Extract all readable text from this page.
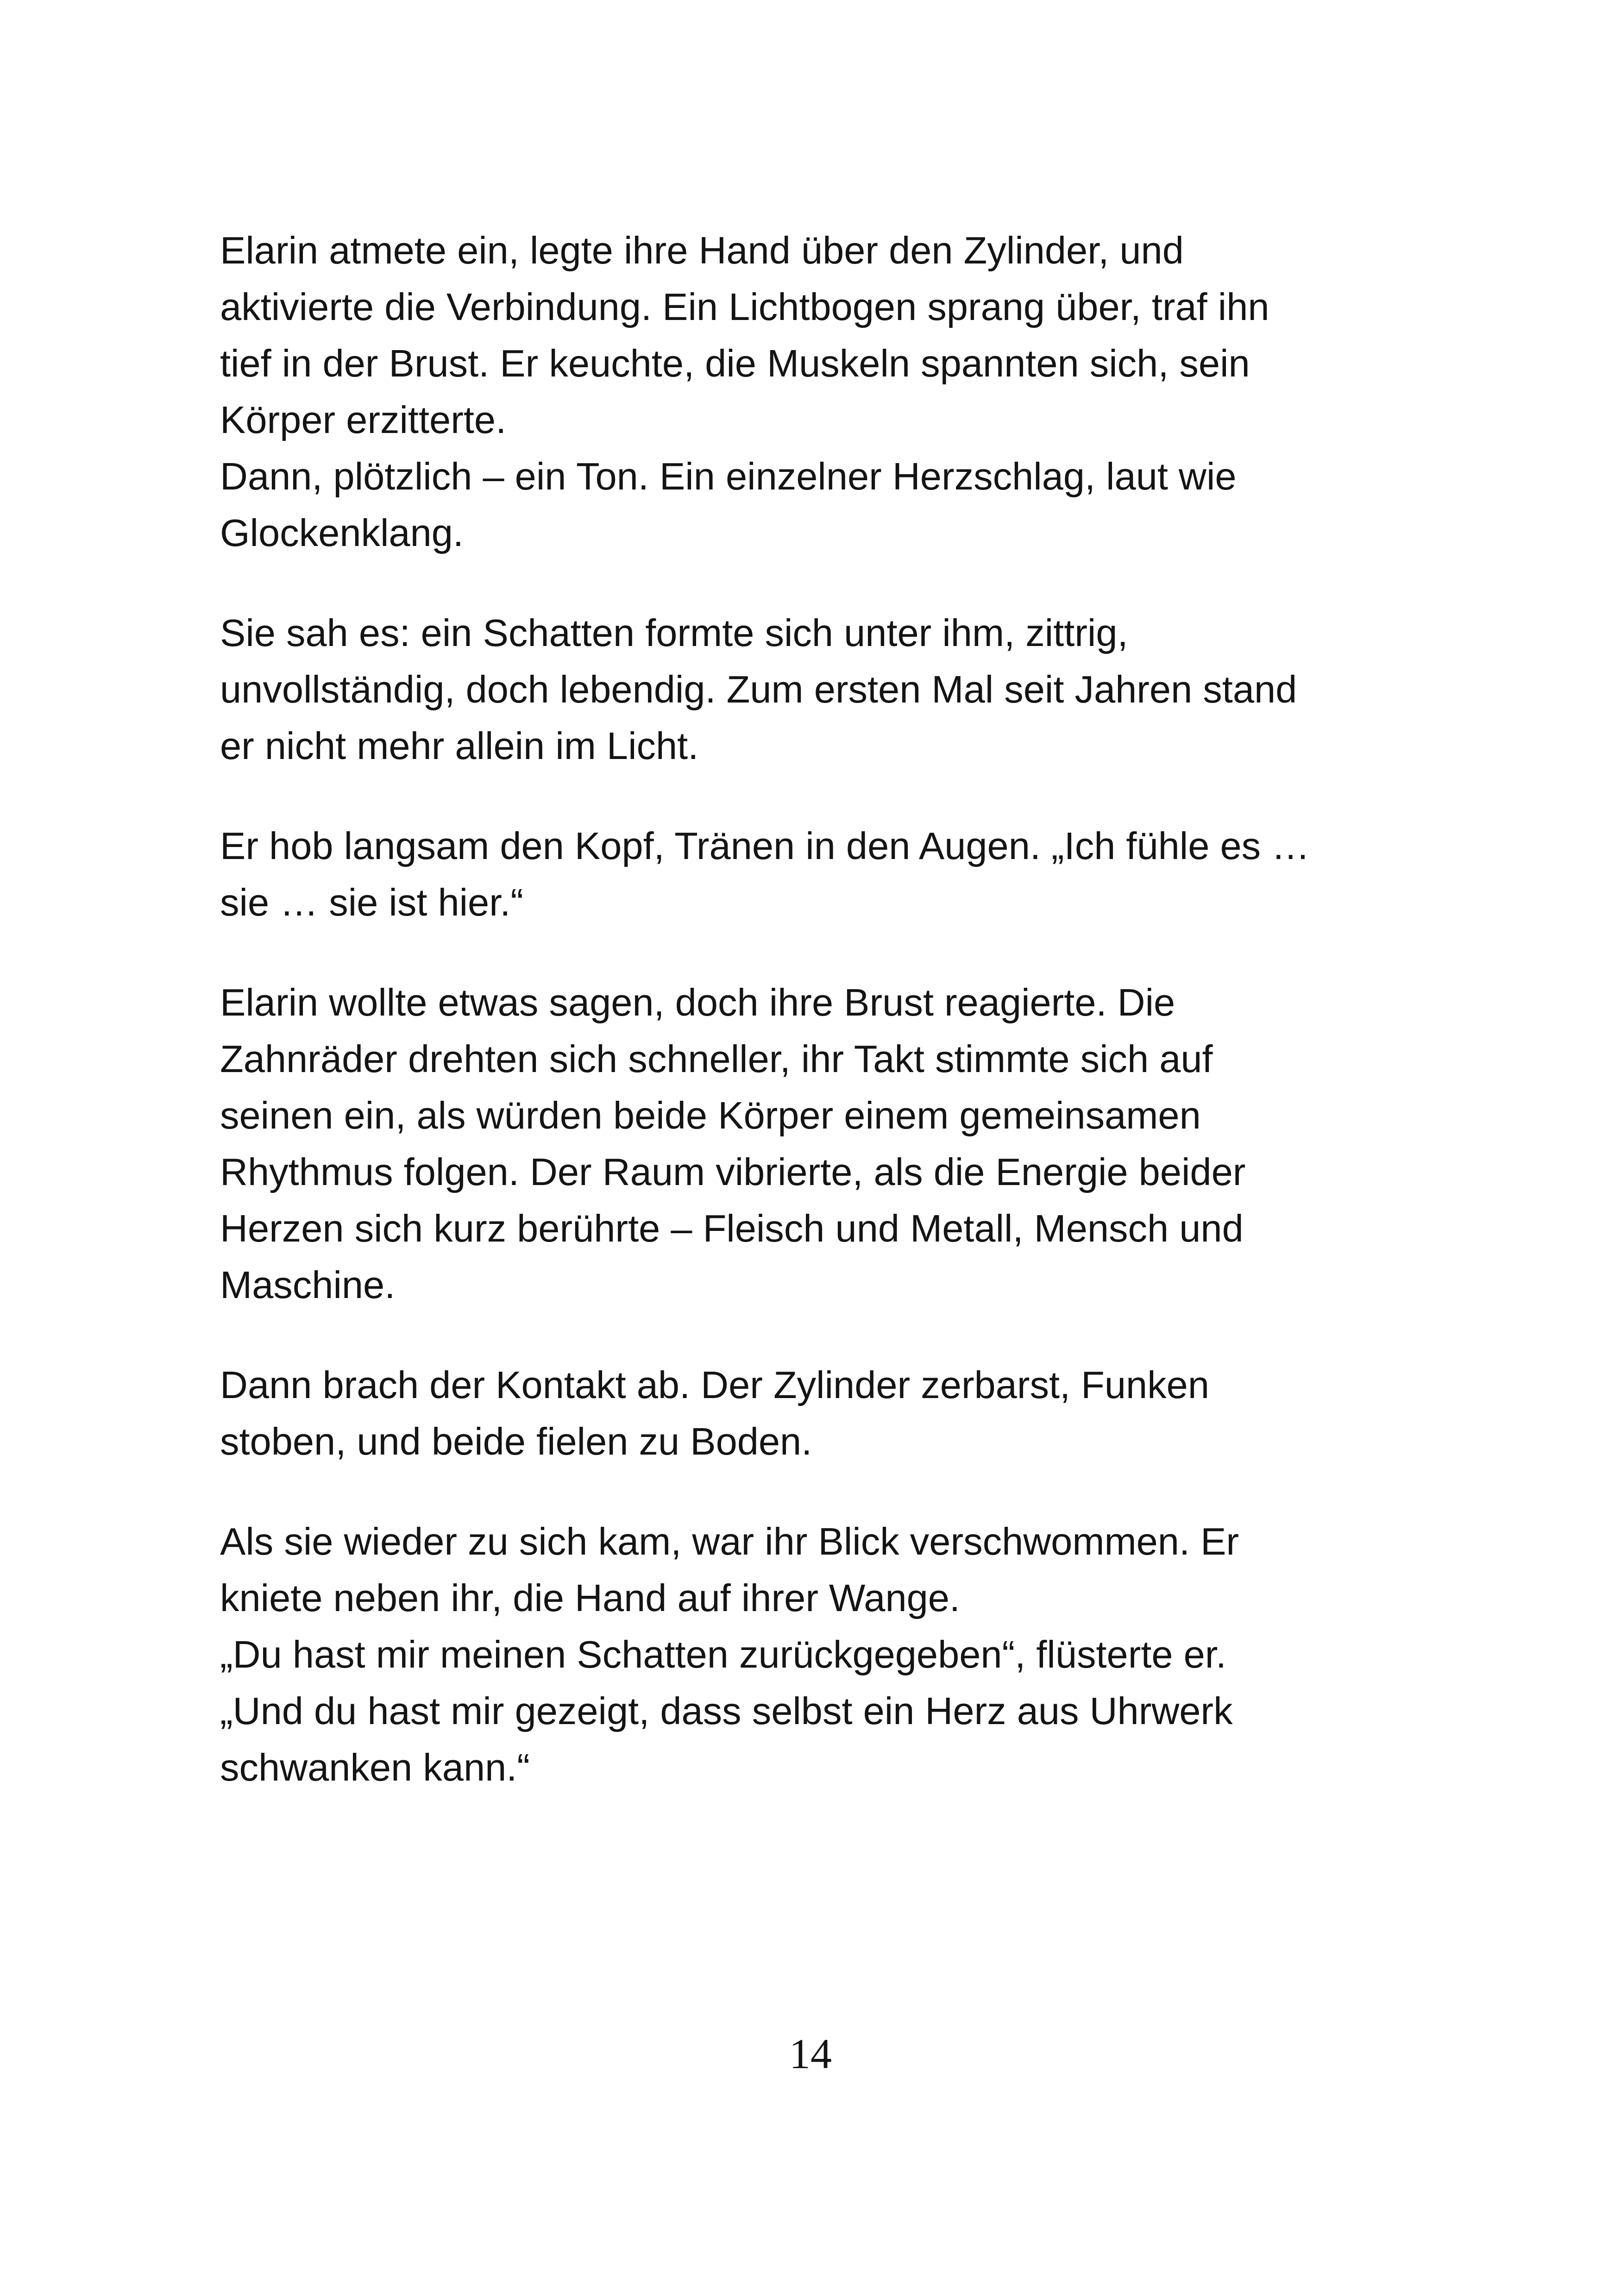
Elarin atmete ein, legte ihre Hand über den Zylinder, und
aktivierte die Verbindung. Ein Lichtbogen sprang über, traf ihn
tief in der Brust. Er keuchte, die Muskeln spannten sich, sein
Körper erzitterte.
Dann, plötzlich – ein Ton. Ein einzelner Herzschlag, laut wie
Glockenklang.

Sie sah es: ein Schatten formte sich unter ihm, zittrig,
unvollständig, doch lebendig. Zum ersten Mal seit Jahren stand
er nicht mehr allein im Licht.

Er hob langsam den Kopf, Tränen in den Augen. „Ich fühle es …
sie … sie ist hier.“

Elarin wollte etwas sagen, doch ihre Brust reagierte. Die
Zahnräder drehten sich schneller, ihr Takt stimmte sich auf
seinen ein, als würden beide Körper einem gemeinsamen
Rhythmus folgen. Der Raum vibrierte, als die Energie beider
Herzen sich kurz berührte – Fleisch und Metall, Mensch und
Maschine.

Dann brach der Kontakt ab. Der Zylinder zerbarst, Funken
stoben, und beide fielen zu Boden.

Als sie wieder zu sich kam, war ihr Blick verschwommen. Er
kniete neben ihr, die Hand auf ihrer Wange.
„Du hast mir meinen Schatten zurückgegeben“, flüsterte er.
„Und du hast mir gezeigt, dass selbst ein Herz aus Uhrwerk
schwanken kann.“

14
